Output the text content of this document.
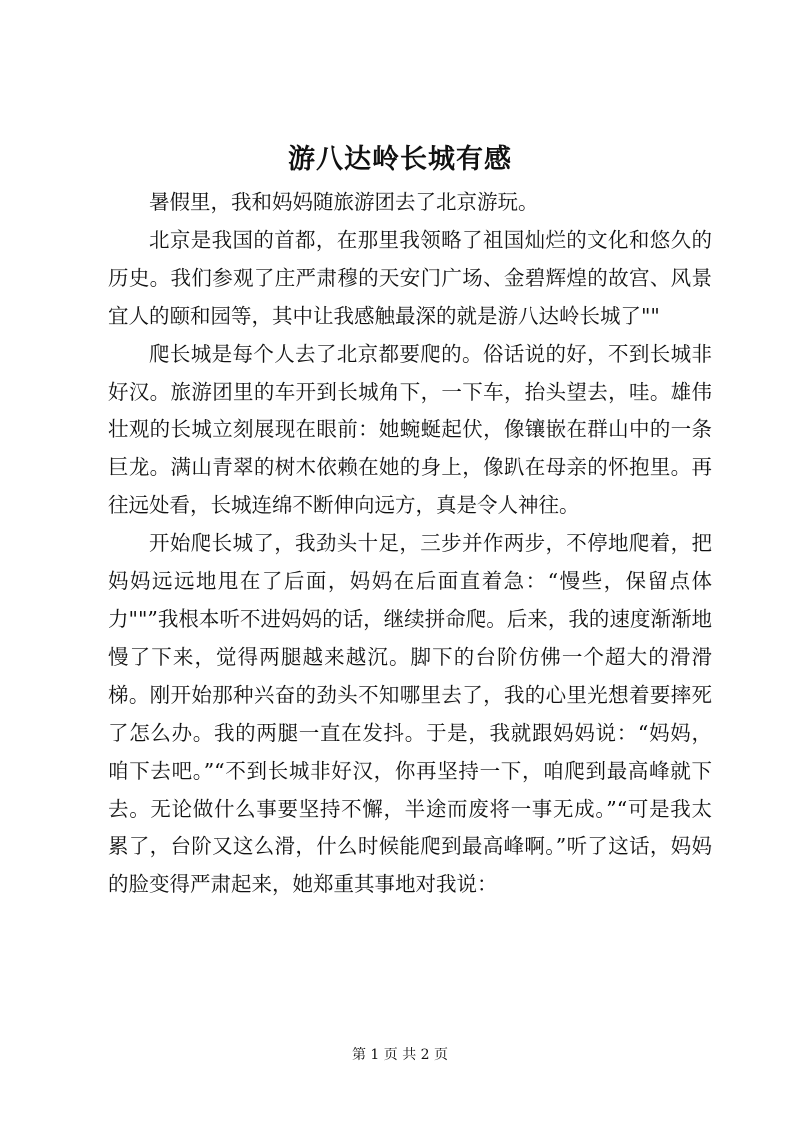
游八达岭长城有感

暑假里，我和妈妈随旅游团去了北京游玩。

北京是我国的首都，在那里我领略了祖国灿烂的文化和悠久的历史。我们参观了庄严肃穆的天安门广场、金碧辉煌的故宫、风景宜人的颐和园等，其中让我感触最深的就是游八达岭长城了""

爬长城是每个人去了北京都要爬的。俗话说的好，不到长城非好汉。旅游团里的车开到长城角下，一下车，抬头望去，哇。雄伟壮观的长城立刻展现在眼前：她蜿蜒起伏，像镶嵌在群山中的一条巨龙。满山青翠的树木依赖在她的身上，像趴在母亲的怀抱里。再往远处看，长城连绵不断伸向远方，真是令人神往。

开始爬长城了，我劲头十足，三步并作两步，不停地爬着，把妈妈远远地甩在了后面，妈妈在后面直着急：“慢些，保留点体力""”我根本听不进妈妈的话，继续拼命爬。后来，我的速度渐渐地慢了下来，觉得两腿越来越沉。脚下的台阶仿佛一个超大的滑滑梯。刚开始那种兴奋的劲头不知哪里去了，我的心里光想着要摔死了怎么办。我的两腿一直在发抖。于是，我就跟妈妈说：“妈妈，咱下去吧。”“不到长城非好汉，你再坚持一下，咱爬到最高峰就下去。无论做什么事要坚持不懈，半途而废将一事无成。”“可是我太累了，台阶又这么滑，什么时候能爬到最高峰啊。”听了这话，妈妈的脸变得严肃起来，她郑重其事地对我说：

第 1 页 共 2 页
